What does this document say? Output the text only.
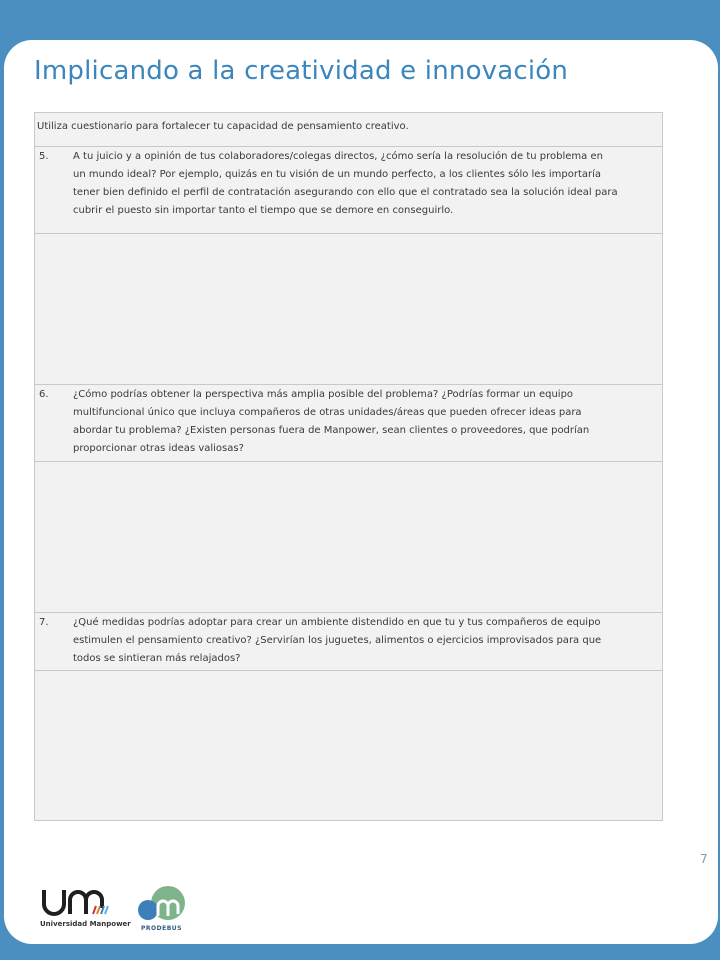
Implicando a la creatividad e innovación
Utiliza cuestionario para fortalecer tu capacidad de pensamiento creativo.
5. A tu juicio y a opinión de tus colaboradores/colegas directos, ¿cómo sería la resolución de tu problema en
un mundo ideal? Por ejemplo, quizás en tu visión de un mundo perfecto, a los clientes sólo les importaría
tener bien definido el perfil de contratación asegurando con ello que el contratado sea la solución ideal para
cubrir el puesto sin importar tanto el tiempo que se demore en conseguirlo.
6. ¿Cómo podrías obtener la perspectiva más amplia posible del problema? ¿Podrías formar un equipo
multifuncional único que incluya compañeros de otras unidades/áreas que pueden ofrecer ideas para
abordar tu problema? ¿Existen personas fuera de Manpower, sean clientes o proveedores, que podrían
proporcionar otras ideas valiosas?
7. ¿Qué medidas podrías adoptar para crear un ambiente distendido en que tu y tus compañeros de equipo
estimulen el pensamiento creativo? ¿Servirían los juguetes, alimentos o ejercicios improvisados para que
todos se sintieran más relajados?
7
Universidad Manpower
PRODEBUS
